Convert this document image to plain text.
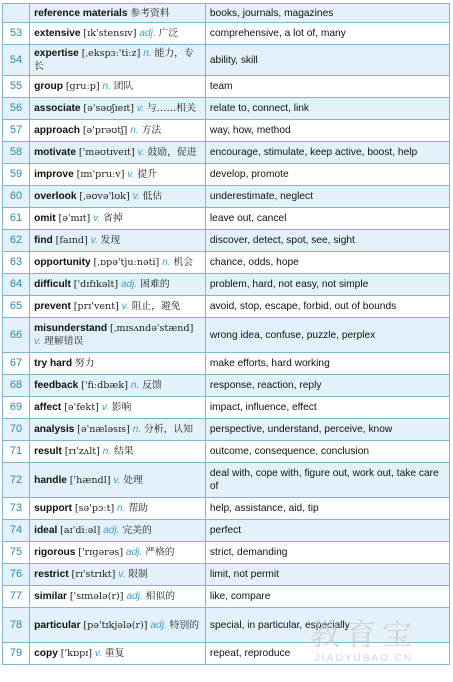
	reference materials 参考资料	books, journals, magazines
53	extensive [ɪk'stensɪv] adj. 广泛	comprehensive, a lot of, many
54	expertise [ˌekspɜː'tiːz] n. 能力，专长	ability, skill
55	group [gruːp] n. 团队	team
56	associate [ə'səʊʃɪeɪt] v. 与……相关	relate to, connect, link
57	approach [ə'prəʊtʃ] n. 方法	way, how, method
58	motivate ['məʊtɪveɪt] v. 鼓励，促进	encourage, stimulate, keep active, boost, help
59	improve [ɪm'pruːv] v. 提升	develop, promote
60	overlook [ˌəʊvə'lʊk] v. 低估	underestimate, neglect
61	omit [ə'mɪt] v. 省掉	leave out, cancel
62	find [faɪnd] v. 发现	discover, detect, spot, see, sight
63	opportunity [ˌɒpə'tjuːnəti] n. 机会	chance, odds, hope
64	difficult ['dɪfɪkəlt] adj. 困难的	problem, hard, not easy, not simple
65	prevent [prɪ'vent] v. 阻止，避免	avoid, stop, escape, forbid, out of bounds
66	misunderstand [ˌmɪsʌndə'stænd] v. 理解错误	wrong idea, confuse, puzzle, perplex
67	try hard 努力	make efforts, hard working
68	feedback ['fiːdbæk] n. 反馈	response, reaction, reply
69	affect [ə'fekt] v. 影响	impact, influence, effect
70	analysis [ə'næləsɪs] n. 分析，认知	perspective, understand, perceive, know
71	result [rɪ'zʌlt] n. 结果	outcome, consequence, conclusion
72	handle ['hændl] v. 处理	deal with, cope with, figure out, work out, take care of
73	support [sə'pɔːt] n. 帮助	help, assistance, aid, tip
74	ideal [aɪ'diːəl] adj. 完美的	perfect
75	rigorous ['rɪgərəs] adj. 严格的	strict, demanding
76	restrict [rɪ'strɪkt] v. 限制	limit, not permit
77	similar ['sɪmələ(r)] adj. 相似的	like, compare
78	particular [pə'tɪkjələ(r)] adj. 特别的	special, in particular, especially
79	copy ['kɒpɪ] v. 重复	repeat, reproduce
教育宝
JIAOYUBAO.CN
